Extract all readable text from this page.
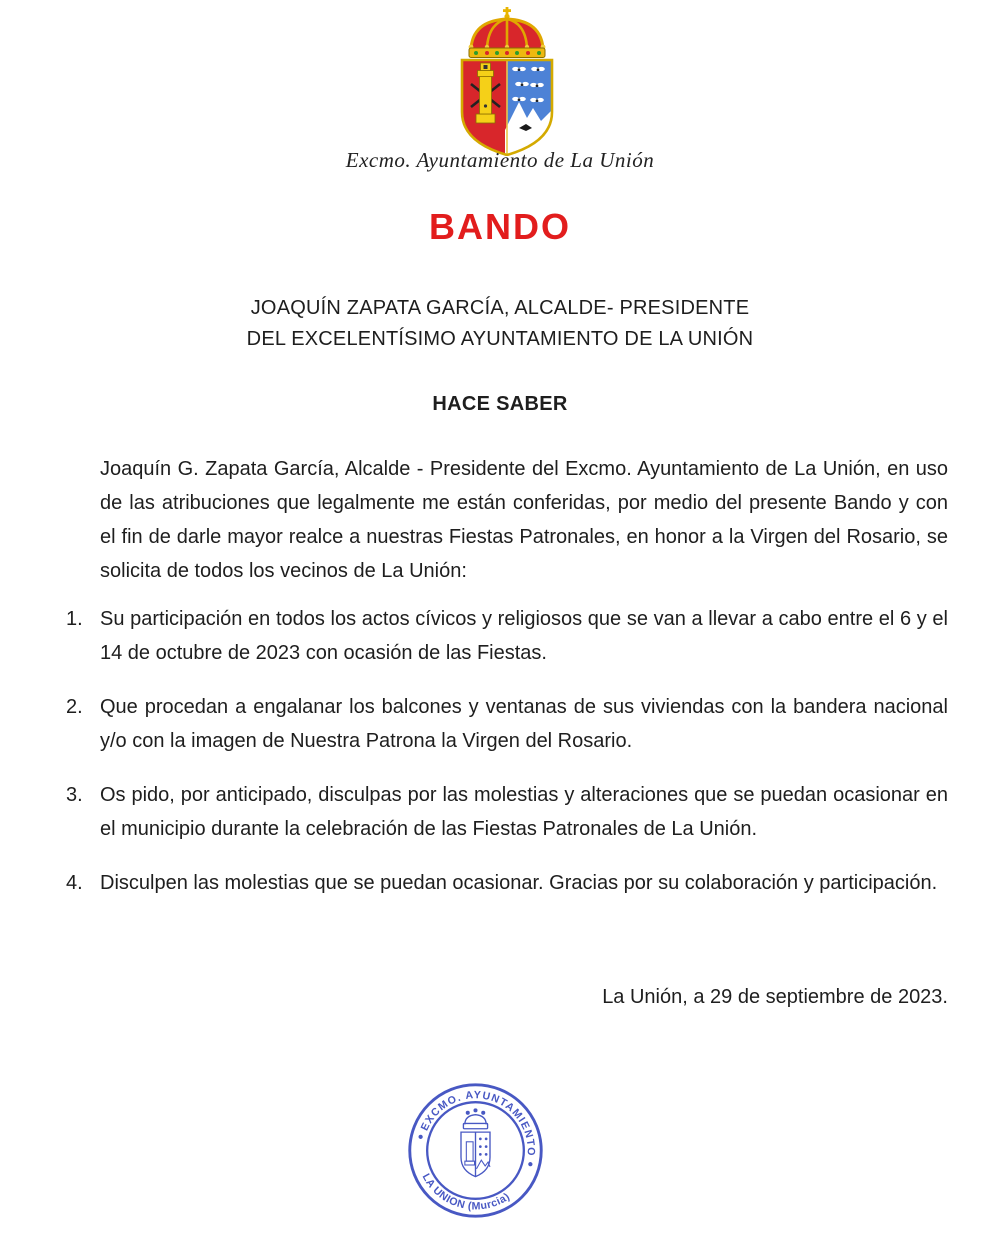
Excmo. Ayuntamiento de La Unión
BANDO
JOAQUÍN ZAPATA GARCÍA, ALCALDE- PRESIDENTE
DEL EXCELENTÍSIMO AYUNTAMIENTO DE LA UNIÓN
HACE SABER

Joaquín G. Zapata García, Alcalde - Presidente del Excmo. Ayuntamiento de La Unión, en uso de las atribuciones que legalmente me están conferidas, por medio del presente Bando y con el fin de darle mayor realce a nuestras Fiestas Patronales, en honor a la Virgen del Rosario, se solicita de todos los vecinos de La Unión:

1. Su participación en todos los actos cívicos y religiosos que se van a llevar a cabo entre el 6 y el 14 de octubre de 2023 con ocasión de las Fiestas.
2. Que procedan a engalanar los balcones y ventanas de sus viviendas con la bandera nacional y/o con la imagen de Nuestra Patrona la Virgen del Rosario.
3. Os pido, por anticipado, disculpas por las molestias y alteraciones que se puedan ocasionar en el municipio durante la celebración de las Fiestas Patronales de La Unión.
4. Disculpen las molestias que se puedan ocasionar. Gracias por su colaboración y participación.
La Unión, a 29 de septiembre de 2023.
EXCMO. AYUNTAMIENTO
LA UNION (Murcia)
